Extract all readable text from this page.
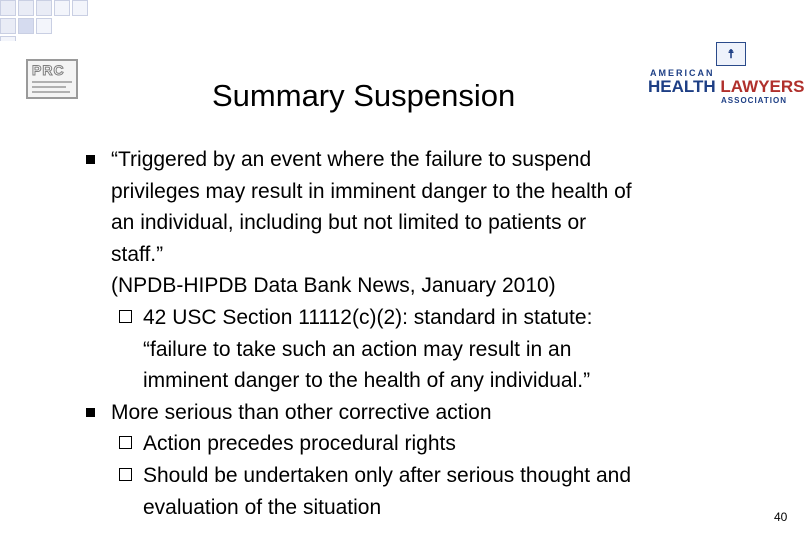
PRC
☨
AMERICAN
HEALTH LAWYERS
ASSOCIATION
Summary Suspension
“Triggered by an event where the failure to suspend
privileges may result in imminent danger to the health of
an individual, including but not limited to patients or
staff.”
(NPDB-HIPDB Data Bank News, January 2010)
42 USC Section 11112(c)(2): standard in statute:
“failure to take such an action may result in an
imminent danger to the health of any individual.”
More serious than other corrective action
Action precedes procedural rights
Should be undertaken only after serious thought and
evaluation of the situation	40
